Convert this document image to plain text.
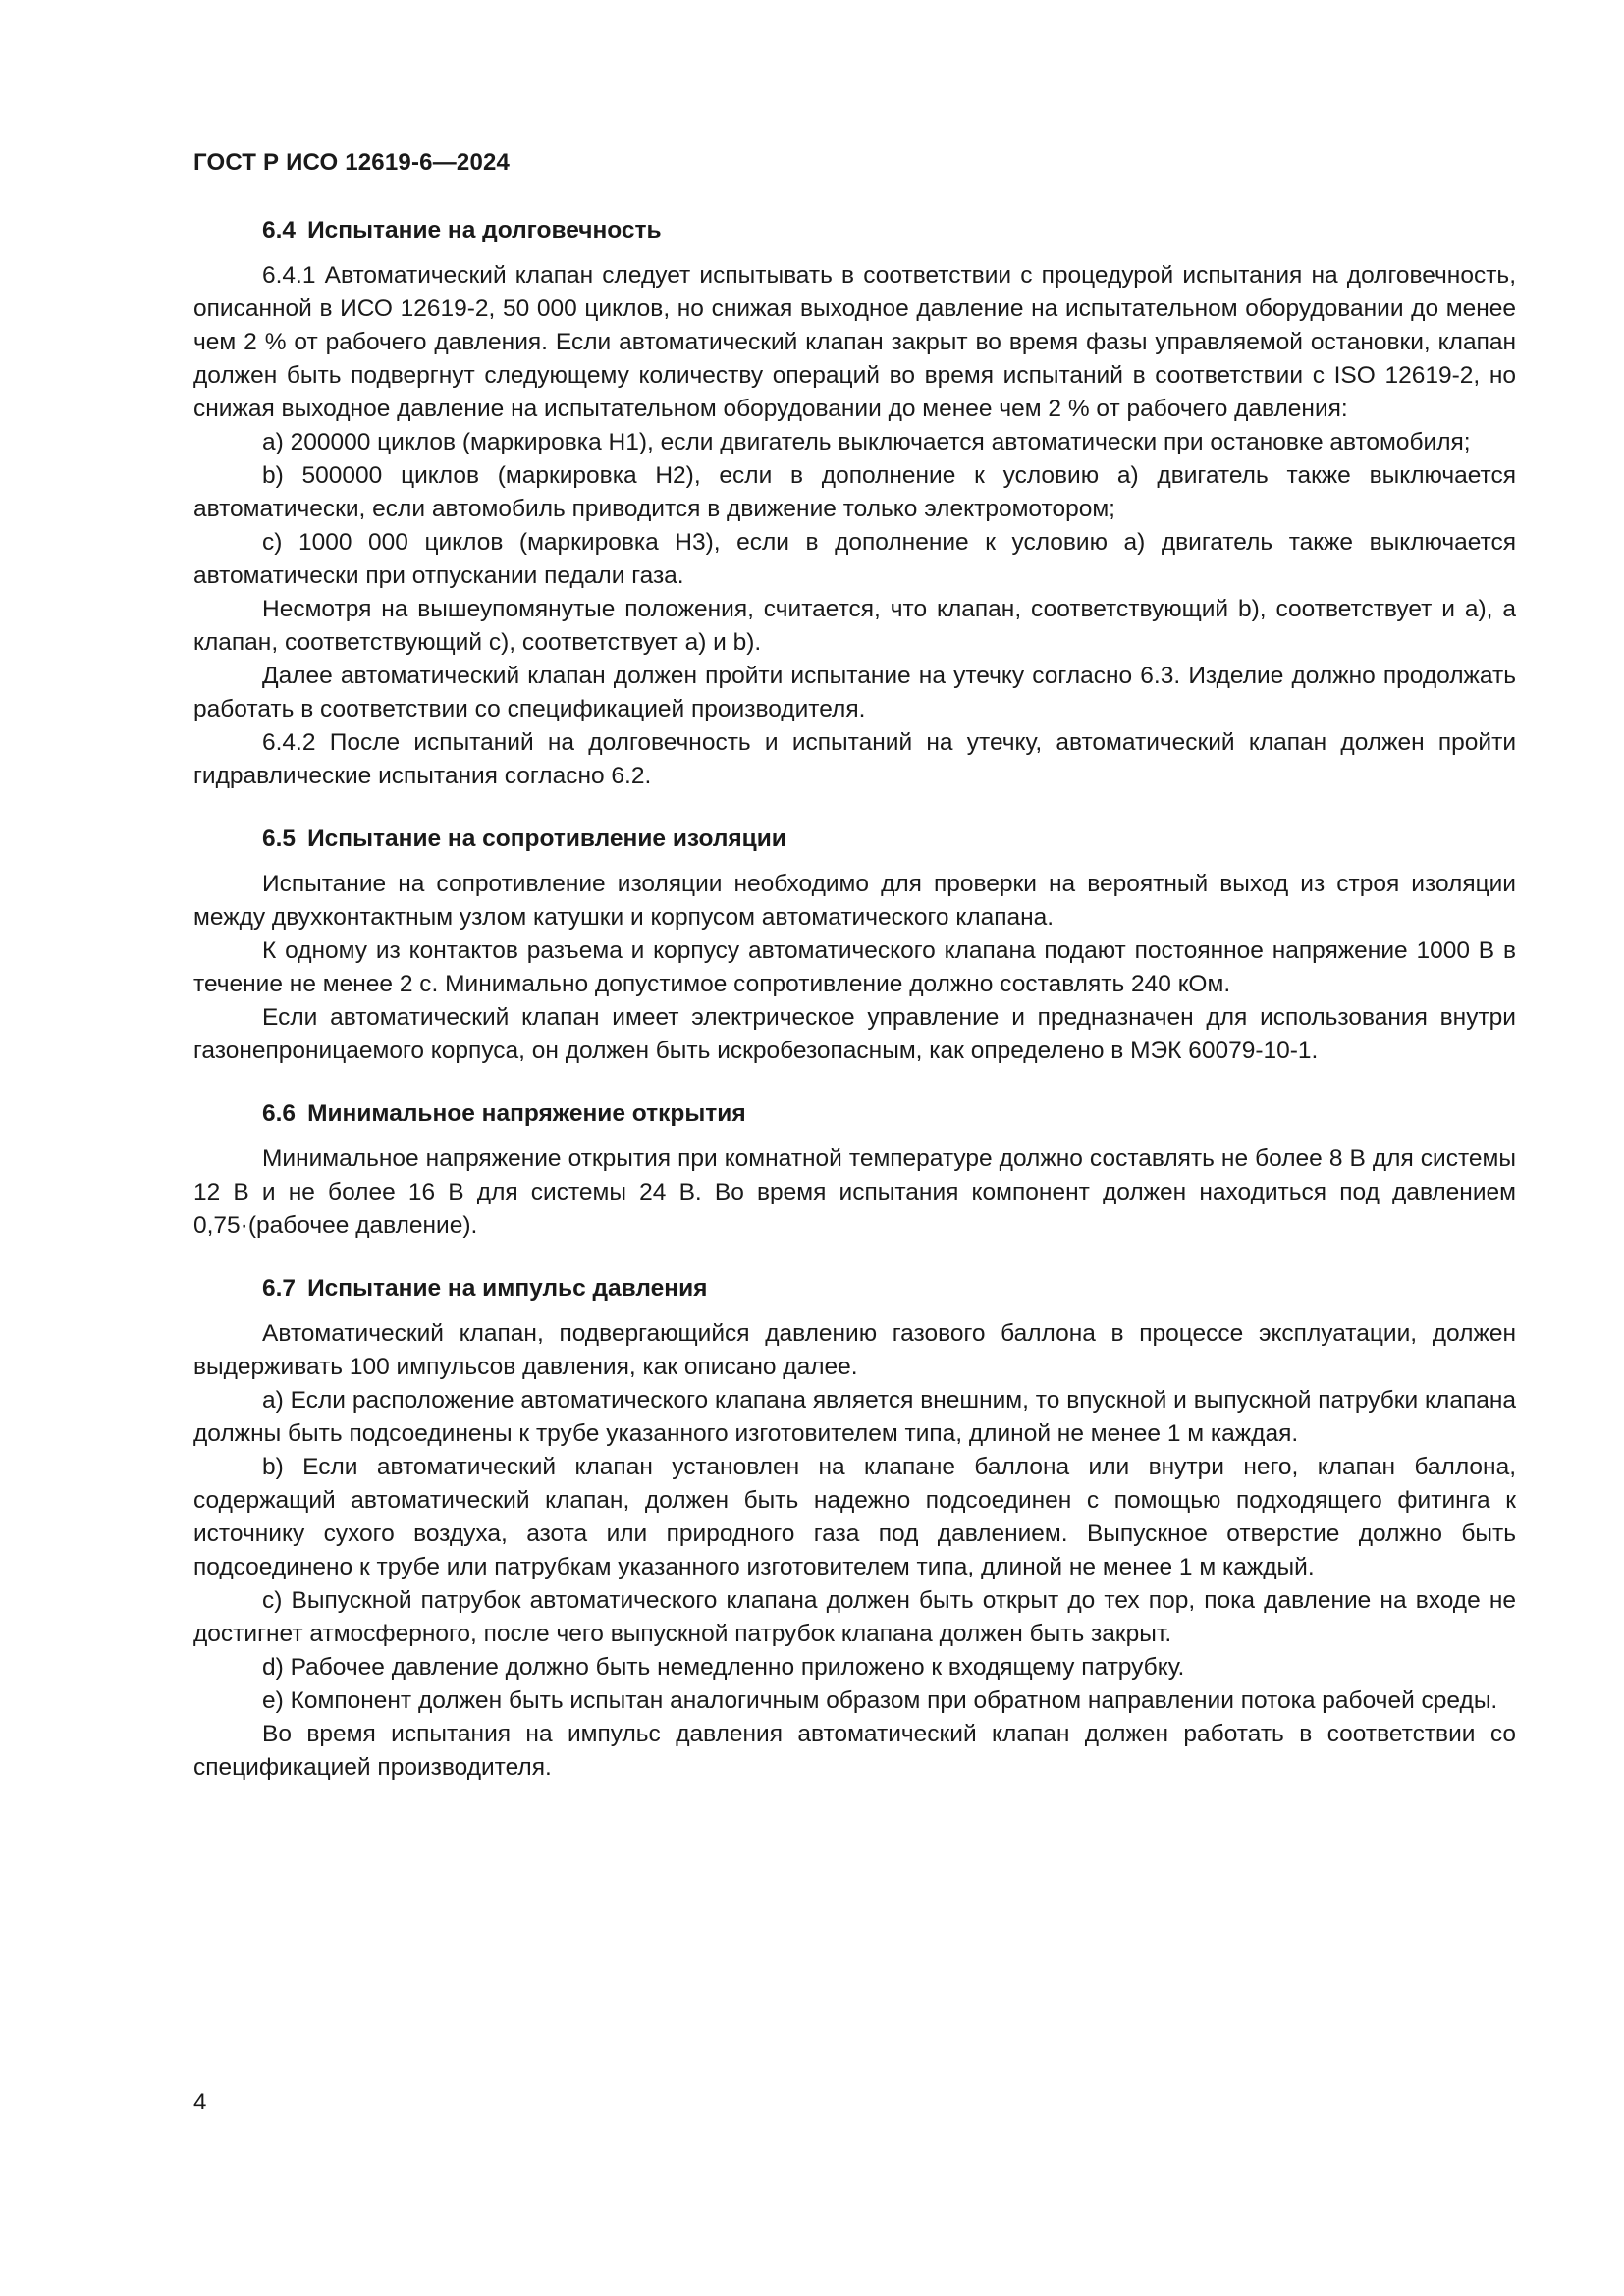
ГОСТ Р ИСО 12619-6—2024

6.4 Испытание на долговечность

6.4.1 Автоматический клапан следует испытывать в соответствии с процедурой испытания на долговечность, описанной в ИСО 12619-2, 50 000 циклов, но снижая выходное давление на испытательном оборудовании до менее чем 2 % от рабочего давления. Если автоматический клапан закрыт во время фазы управляемой остановки, клапан должен быть подвергнут следующему количеству операций во время испытаний в соответствии с ISO 12619-2, но снижая выходное давление на испытательном оборудовании до менее чем 2 % от рабочего давления:

a) 200000 циклов (маркировка H1), если двигатель выключается автоматически при остановке автомобиля;

b) 500000 циклов (маркировка H2), если в дополнение к условию a) двигатель также выключается автоматически, если автомобиль приводится в движение только электромотором;

c) 1000 000 циклов (маркировка H3), если в дополнение к условию a) двигатель также выключается автоматически при отпускании педали газа.

Несмотря на вышеупомянутые положения, считается, что клапан, соответствующий b), соответствует и a), а клапан, соответствующий c), соответствует a) и b).

Далее автоматический клапан должен пройти испытание на утечку согласно 6.3. Изделие должно продолжать работать в соответствии со спецификацией производителя.

6.4.2 После испытаний на долговечность и испытаний на утечку, автоматический клапан должен пройти гидравлические испытания согласно 6.2.

6.5 Испытание на сопротивление изоляции

Испытание на сопротивление изоляции необходимо для проверки на вероятный выход из строя изоляции между двухконтактным узлом катушки и корпусом автоматического клапана.

К одному из контактов разъема и корпусу автоматического клапана подают постоянное напряжение 1000 В в течение не менее 2 с. Минимально допустимое сопротивление должно составлять 240 кОм.

Если автоматический клапан имеет электрическое управление и предназначен для использования внутри газонепроницаемого корпуса, он должен быть искробезопасным, как определено в МЭК 60079-10-1.

6.6 Минимальное напряжение открытия

Минимальное напряжение открытия при комнатной температуре должно составлять не более 8 В для системы 12 В и не более 16 В для системы 24 В. Во время испытания компонент должен находиться под давлением 0,75·(рабочее давление).

6.7 Испытание на импульс давления

Автоматический клапан, подвергающийся давлению газового баллона в процессе эксплуатации, должен выдерживать 100 импульсов давления, как описано далее.

a) Если расположение автоматического клапана является внешним, то впускной и выпускной патрубки клапана должны быть подсоединены к трубе указанного изготовителем типа, длиной не менее 1 м каждая.

b) Если автоматический клапан установлен на клапане баллона или внутри него, клапан баллона, содержащий автоматический клапан, должен быть надежно подсоединен с помощью подходящего фитинга к источнику сухого воздуха, азота или природного газа под давлением. Выпускное отверстие должно быть подсоединено к трубе или патрубкам указанного изготовителем типа, длиной не менее 1 м каждый.

c) Выпускной патрубок автоматического клапана должен быть открыт до тех пор, пока давление на входе не достигнет атмосферного, после чего выпускной патрубок клапана должен быть закрыт.

d) Рабочее давление должно быть немедленно приложено к входящему патрубку.

e) Компонент должен быть испытан аналогичным образом при обратном направлении потока рабочей среды.

Во время испытания на импульс давления автоматический клапан должен работать в соответствии со спецификацией производителя.

4
